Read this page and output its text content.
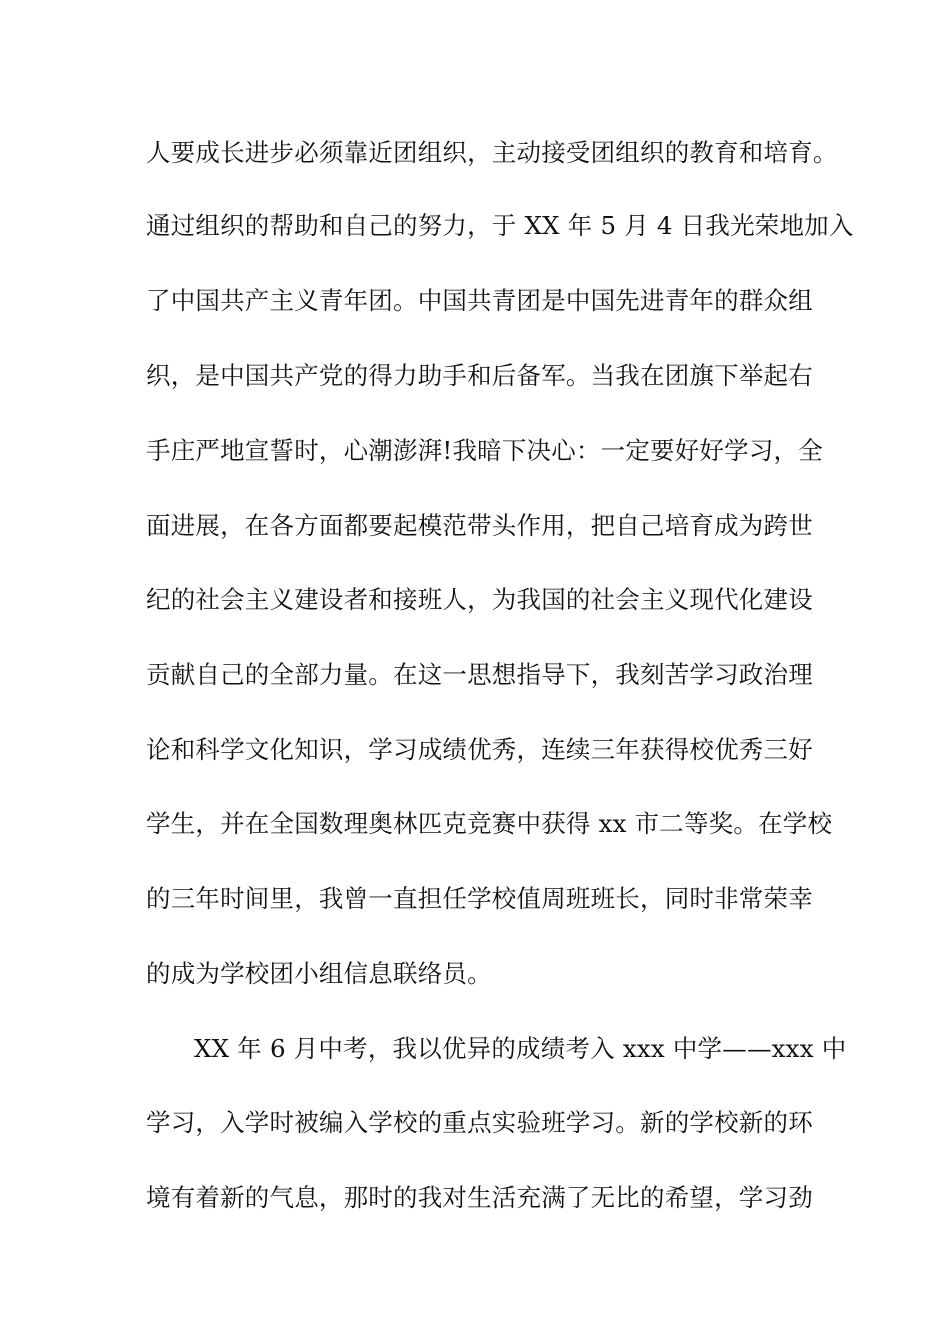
人要成长进步必须靠近团组织，主动接受团组织的教育和培育。
通过组织的帮助和自己的努力，于 XX 年 5 月 4 日我光荣地加入
了中国共产主义青年团。中国共青团是中国先进青年的群众组
织，是中国共产党的得力助手和后备军。当我在团旗下举起右
手庄严地宣誓时，心潮澎湃!我暗下决心：一定要好好学习，全
面进展，在各方面都要起模范带头作用，把自己培育成为跨世
纪的社会主义建设者和接班人，为我国的社会主义现代化建设
贡献自己的全部力量。在这一思想指导下，我刻苦学习政治理
论和科学文化知识，学习成绩优秀，连续三年获得校优秀三好
学生，并在全国数理奥林匹克竞赛中获得 xx 市二等奖。在学校
的三年时间里，我曾一直担任学校值周班班长，同时非常荣幸
的成为学校团小组信息联络员。
XX 年 6 月中考，我以优异的成绩考入 xxx 中学——xxx 中
学习，入学时被编入学校的重点实验班学习。新的学校新的环
境有着新的气息，那时的我对生活充满了无比的希望，学习劲
